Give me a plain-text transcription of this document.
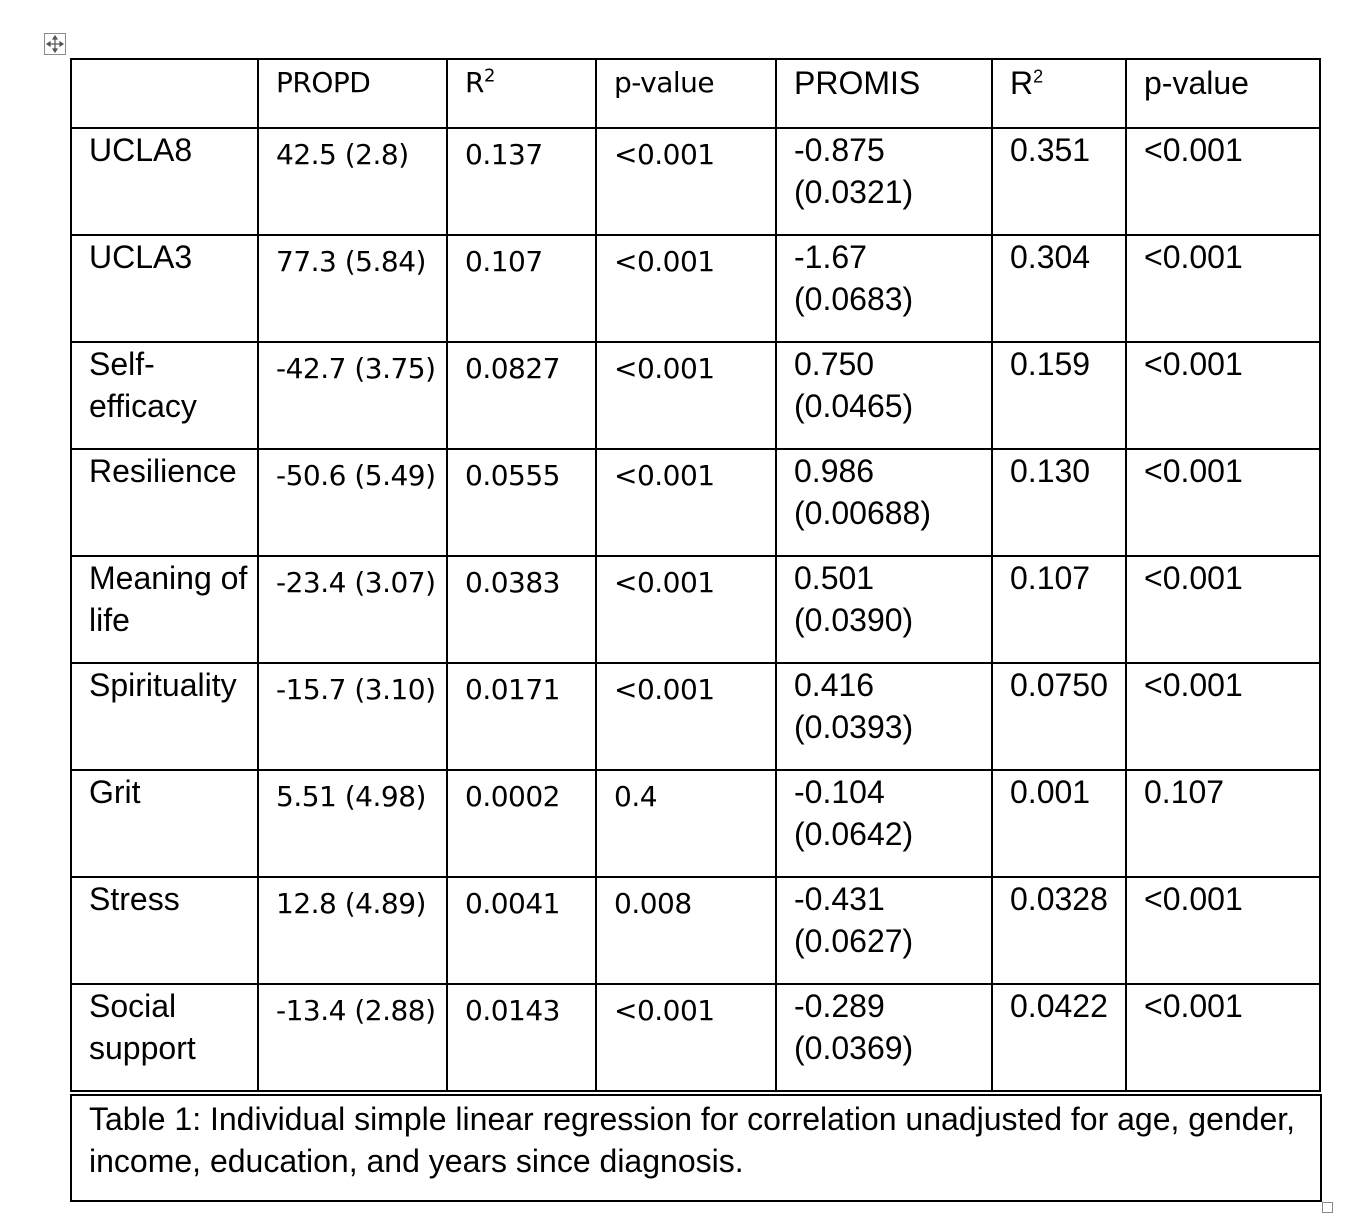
	PROPD	$R^2$	p-value	PROMIS	$R^2$	p-value

UCLA8	42.5 (2.8)	0.137	<0.001	-0.875 (0.0321)	0.351	<0.001

UCLA3	77.3 (5.84)	0.107	<0.001	-1.67 (0.0683)	0.304	<0.001

Self-efficacy	-42.7 (3.75)	0.0827	<0.001	0.750 (0.0465)	0.159	<0.001

Resilience	-50.6 (5.49)	0.0555	<0.001	0.986 (0.00688)	0.130	<0.001

Meaning of life	-23.4 (3.07)	0.0383	<0.001	0.501 (0.0390)	0.107	<0.001

Spirituality	-15.7 (3.10)	0.0171	<0.001	0.416 (0.0393)	0.0750	<0.001

Grit	5.51 (4.98)	0.0002	0.4	-0.104 (0.0642)	0.001	0.107

Stress	12.8 (4.89)	0.0041	0.008	-0.431 (0.0627)	0.0328	<0.001

Social support	-13.4 (2.88)	0.0143	<0.001	-0.289 (0.0369)	0.0422	<0.001
Table 1: Individual simple linear regression for correlation unadjusted for age, gender, income, education, and years since diagnosis.
